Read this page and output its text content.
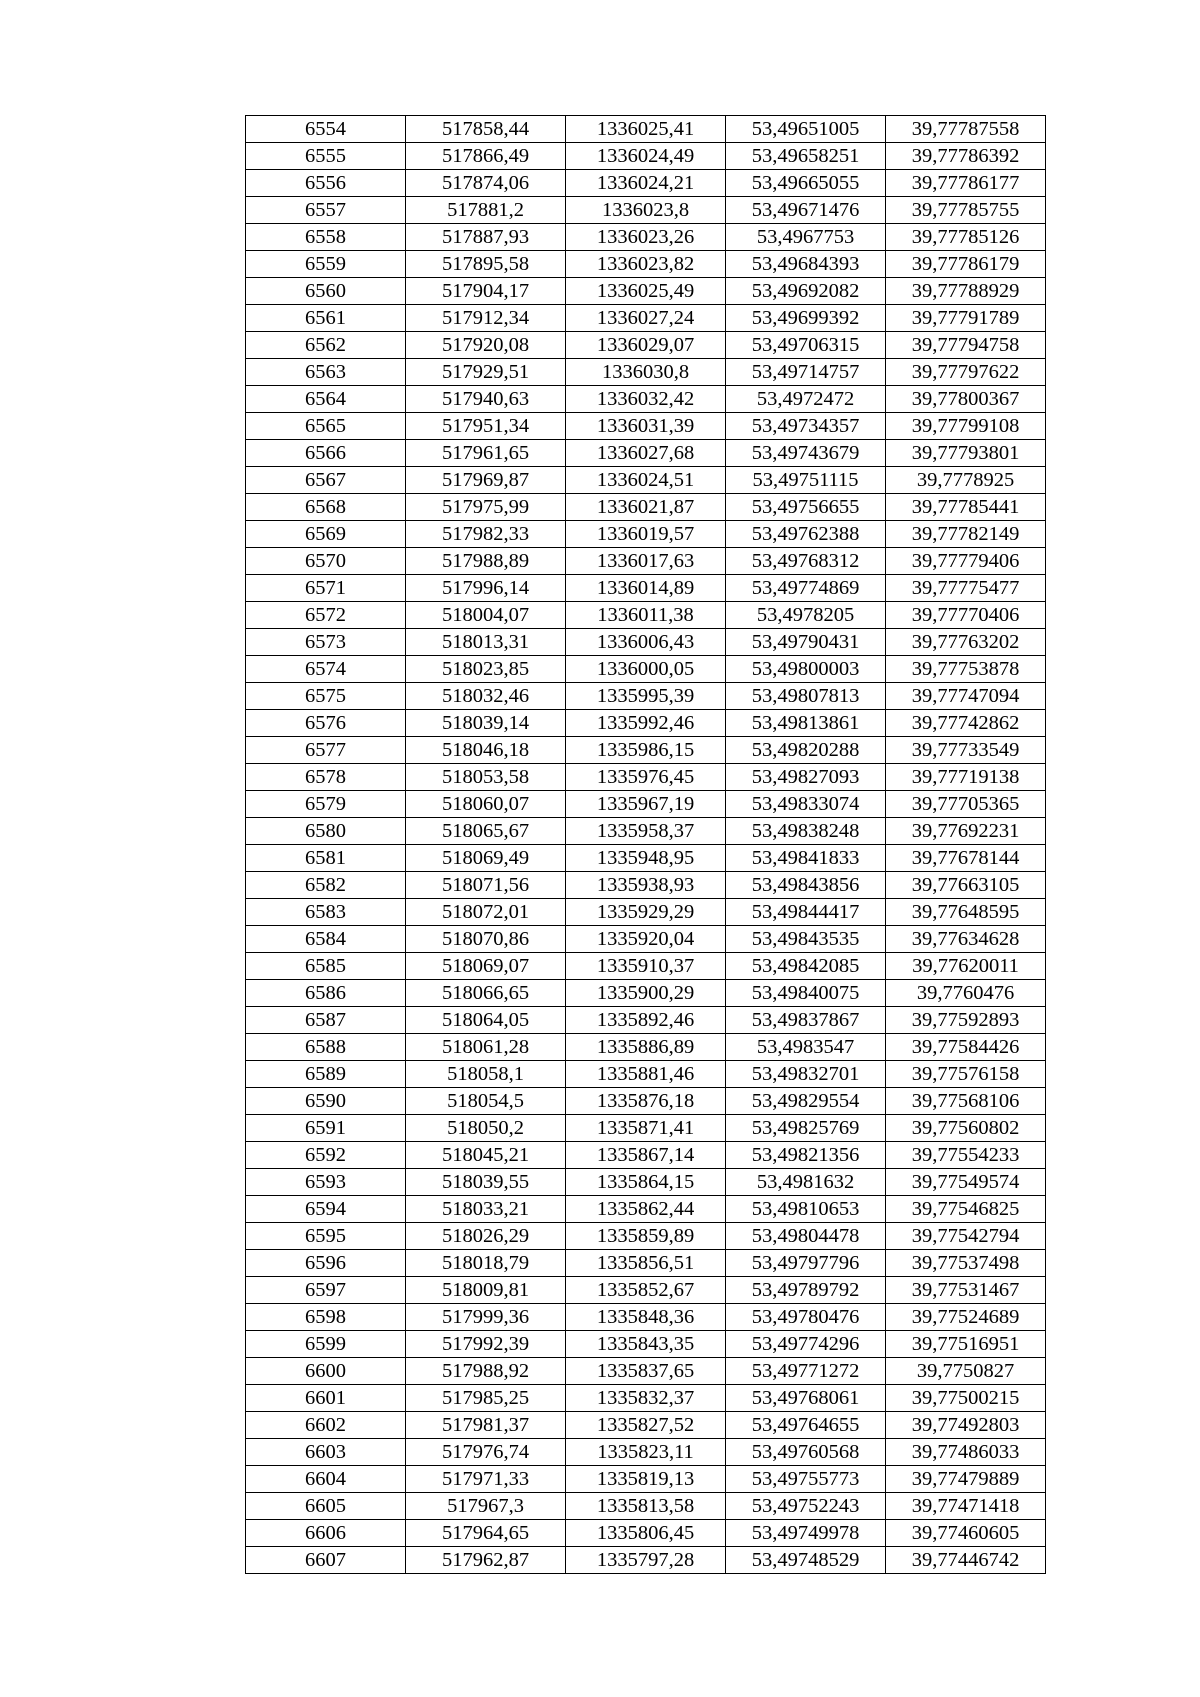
6554	517858,44	1336025,41	53,49651005	39,77787558
6555	517866,49	1336024,49	53,49658251	39,77786392
6556	517874,06	1336024,21	53,49665055	39,77786177
6557	517881,2	1336023,8	53,49671476	39,77785755
6558	517887,93	1336023,26	53,4967753	39,77785126
6559	517895,58	1336023,82	53,49684393	39,77786179
6560	517904,17	1336025,49	53,49692082	39,77788929
6561	517912,34	1336027,24	53,49699392	39,77791789
6562	517920,08	1336029,07	53,49706315	39,77794758
6563	517929,51	1336030,8	53,49714757	39,77797622
6564	517940,63	1336032,42	53,4972472	39,77800367
6565	517951,34	1336031,39	53,49734357	39,77799108
6566	517961,65	1336027,68	53,49743679	39,77793801
6567	517969,87	1336024,51	53,49751115	39,7778925
6568	517975,99	1336021,87	53,49756655	39,77785441
6569	517982,33	1336019,57	53,49762388	39,77782149
6570	517988,89	1336017,63	53,49768312	39,77779406
6571	517996,14	1336014,89	53,49774869	39,77775477
6572	518004,07	1336011,38	53,4978205	39,77770406
6573	518013,31	1336006,43	53,49790431	39,77763202
6574	518023,85	1336000,05	53,49800003	39,77753878
6575	518032,46	1335995,39	53,49807813	39,77747094
6576	518039,14	1335992,46	53,49813861	39,77742862
6577	518046,18	1335986,15	53,49820288	39,77733549
6578	518053,58	1335976,45	53,49827093	39,77719138
6579	518060,07	1335967,19	53,49833074	39,77705365
6580	518065,67	1335958,37	53,49838248	39,77692231
6581	518069,49	1335948,95	53,49841833	39,77678144
6582	518071,56	1335938,93	53,49843856	39,77663105
6583	518072,01	1335929,29	53,49844417	39,77648595
6584	518070,86	1335920,04	53,49843535	39,77634628
6585	518069,07	1335910,37	53,49842085	39,77620011
6586	518066,65	1335900,29	53,49840075	39,7760476
6587	518064,05	1335892,46	53,49837867	39,77592893
6588	518061,28	1335886,89	53,4983547	39,77584426
6589	518058,1	1335881,46	53,49832701	39,77576158
6590	518054,5	1335876,18	53,49829554	39,77568106
6591	518050,2	1335871,41	53,49825769	39,77560802
6592	518045,21	1335867,14	53,49821356	39,77554233
6593	518039,55	1335864,15	53,4981632	39,77549574
6594	518033,21	1335862,44	53,49810653	39,77546825
6595	518026,29	1335859,89	53,49804478	39,77542794
6596	518018,79	1335856,51	53,49797796	39,77537498
6597	518009,81	1335852,67	53,49789792	39,77531467
6598	517999,36	1335848,36	53,49780476	39,77524689
6599	517992,39	1335843,35	53,49774296	39,77516951
6600	517988,92	1335837,65	53,49771272	39,7750827
6601	517985,25	1335832,37	53,49768061	39,77500215
6602	517981,37	1335827,52	53,49764655	39,77492803
6603	517976,74	1335823,11	53,49760568	39,77486033
6604	517971,33	1335819,13	53,49755773	39,77479889
6605	517967,3	1335813,58	53,49752243	39,77471418
6606	517964,65	1335806,45	53,49749978	39,77460605
6607	517962,87	1335797,28	53,49748529	39,77446742
